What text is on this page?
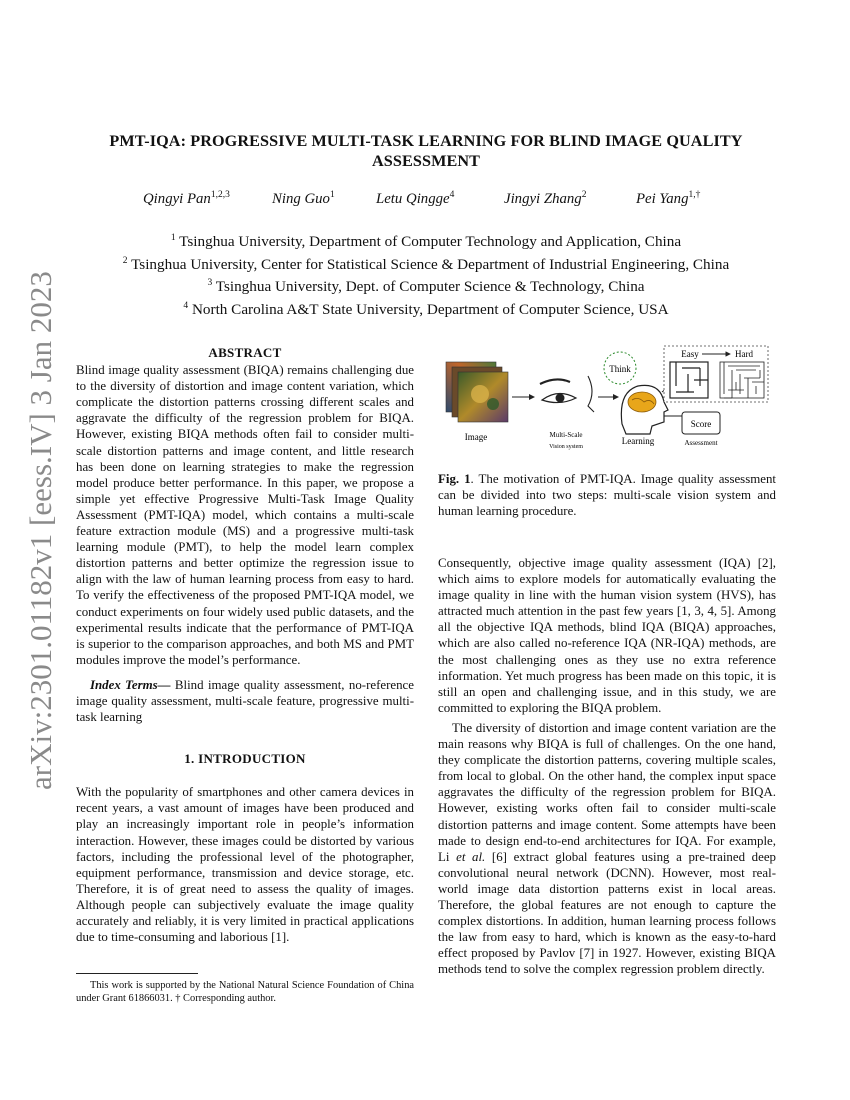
arXiv:2301.01182v1 [eess.IV] 3 Jan 2023
PMT-IQA: PROGRESSIVE MULTI-TASK LEARNING FOR BLIND IMAGE QUALITY ASSESSMENT
Qingyi Pan$^{1,2,3}$	Ning Guo$^1$	Letu Qingge$^4$	Jingyi Zhang$^2$	Pei Yang$^{1,\dagger}$
$^1$ Tsinghua University, Department of Computer Technology and Application, China
$^2$ Tsinghua University, Center for Statistical Science & Department of Industrial Engineering, China
$^3$ Tsinghua University, Dept. of Computer Science & Technology, China
$^4$ North Carolina A&T State University, Department of Computer Science, USA
ABSTRACT

Blind image quality assessment (BIQA) remains challenging due to the diversity of distortion and image content variation, which complicate the distortion patterns crossing different scales and aggravate the difficulty of the regression problem for BIQA. However, existing BIQA methods often fail to consider multi-scale distortion patterns and image content, and little research has been done on learning strategies to make the regression model produce better performance. In this paper, we propose a simple yet effective Progressive Multi-Task Image Quality Assessment (PMT-IQA) model, which contains a multi-scale feature extraction module (MS) and a progressive multi-task learning module (PMT), to help the model learn complex distortion patterns and better optimize the regression issue to align with the law of human learning process from easy to hard. To verify the effectiveness of the proposed PMT-IQA model, we conduct experiments on four widely used public datasets, and the experimental results indicate that the performance of PMT-IQA is superior to the comparison approaches, and both MS and PMT modules improve the model’s performance.

Index Terms— Blind image quality assessment, no-reference image quality assessment, multi-scale feature, progressive multi-task learning

1. INTRODUCTION

With the popularity of smartphones and other camera devices in recent years, a vast amount of images have been produced and play an increasingly important role in people’s information interaction. However, these images could be distorted by various factors, including the professional level of the photographer, equipment performance, transmission and device storage, etc. Therefore, it is of great need to assess the quality of images. Although people can subjectively evaluate the image quality accurately and reliably, it is very limited in practical applications due to time-consuming and laborious [1].

This work is supported by the National Natural Science Foundation of China under Grant 61866031. † Corresponding author.
Image	Multi-Scale
Vision system
Think
Learning
Easy	Hard
Score
Assessment
Fig. 1. The motivation of PMT-IQA. Image quality assessment can be divided into two steps: multi-scale vision system and human learning procedure.

Consequently, objective image quality assessment (IQA) [2], which aims to explore models for automatically evaluating the image quality in line with the human vision system (HVS), has attracted much attention in the past few years [1, 3, 4, 5]. Among all the objective IQA methods, blind IQA (BIQA) approaches, which are also called no-reference IQA (NR-IQA) methods, are the most challenging ones as they use no extra reference information. Yet much progress has been made on this topic, it is still an open and challenging issue, and in this study, we are committed to exploring the BIQA problem.

The diversity of distortion and image content variation are the main reasons why BIQA is full of challenges. On the one hand, they complicate the distortion patterns, covering multiple scales, from local to global. On the other hand, the complex input space aggravates the difficulty of the regression problem for BIQA. However, existing works often fail to consider multi-scale distortion patterns and image content. Some attempts have been made to design end-to-end architectures for IQA. For example, Li et al. [6] extract global features using a pre-trained deep convolutional neural network (DCNN). However, most real-world image data distortion patterns exist in local areas. Therefore, the global features are not enough to capture the complex distortions. In addition, human learning process follows the law from easy to hard, which is known as the easy-to-hard effect proposed by Pavlov [7] in 1927. However, existing BIQA methods tend to solve the complex regression problem directly.
